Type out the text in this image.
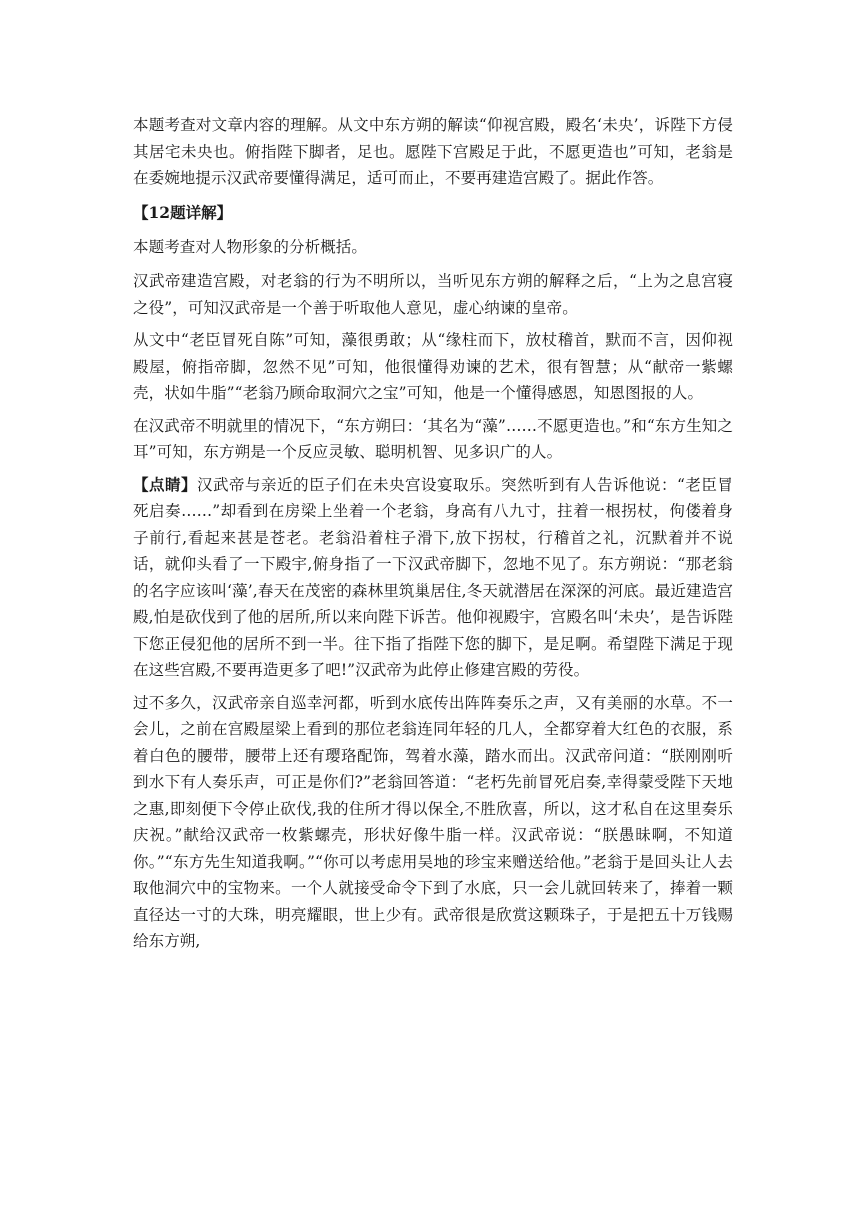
本题考查对文章内容的理解。从文中东方朔的解读“仰视宫殿，殿名‘未央’，诉陛下方侵其居宅未央也。俯指陛下脚者，足也。愿陛下宫殿足于此，不愿更造也”可知，老翁是在委婉地提示汉武帝要懂得满足，适可而止，不要再建造宫殿了。据此作答。

【12题详解】

本题考查对人物形象的分析概括。

汉武帝建造宫殿，对老翁的行为不明所以，当听见东方朔的解释之后，“上为之息宫寝之役”，可知汉武帝是一个善于听取他人意见，虚心纳谏的皇帝。

从文中“老臣冒死自陈”可知，藻很勇敢；从“缘柱而下，放杖稽首，默而不言，因仰视殿屋，俯指帝脚，忽然不见”可知，他很懂得劝谏的艺术，很有智慧；从“献帝一紫螺壳，状如牛脂”“老翁乃顾命取洞穴之宝”可知，他是一个懂得感恩，知恩图报的人。

在汉武帝不明就里的情况下，“东方朔曰：‘其名为“藻”……不愿更造也。”和“东方生知之耳”可知，东方朔是一个反应灵敏、聪明机智、见多识广的人。

【点睛】汉武帝与亲近的臣子们在未央宫设宴取乐。突然听到有人告诉他说：“老臣冒死启奏……”却看到在房梁上坐着一个老翁，身高有八九寸，拄着一根拐杖，佝偻着身子前行,看起来甚是苍老。老翁沿着柱子滑下,放下拐杖，行稽首之礼，沉默着并不说话，就仰头看了一下殿宇,俯身指了一下汉武帝脚下，忽地不见了。东方朔说：“那老翁的名字应该叫‘藻’,春天在茂密的森林里筑巢居住,冬天就潜居在深深的河底。最近建造宫殿,怕是砍伐到了他的居所,所以来向陛下诉苦。他仰视殿宇，宫殿名叫‘未央’，是告诉陛下您正侵犯他的居所不到一半。往下指了指陛下您的脚下，是足啊。希望陛下满足于现在这些宫殿,不要再造更多了吧!”汉武帝为此停止修建宫殿的劳役。

过不多久，汉武帝亲自巡幸河都，听到水底传出阵阵奏乐之声，又有美丽的水草。不一会儿，之前在宫殿屋梁上看到的那位老翁连同年轻的几人，全都穿着大红色的衣服，系着白色的腰带，腰带上还有璎珞配饰，驾着水藻，踏水而出。汉武帝问道：“朕刚刚听到水下有人奏乐声，可正是你们?”老翁回答道：“老朽先前冒死启奏,幸得蒙受陛下天地之惠,即刻便下令停止砍伐,我的住所才得以保全,不胜欣喜，所以，这才私自在这里奏乐庆祝。”献给汉武帝一枚紫螺壳，形状好像牛脂一样。汉武帝说：“朕愚昧啊，不知道你。”“东方先生知道我啊。”“你可以考虑用吴地的珍宝来赠送给他。”老翁于是回头让人去取他洞穴中的宝物来。一个人就接受命令下到了水底，只一会儿就回转来了，捧着一颗直径达一寸的大珠，明亮耀眼，世上少有。武帝很是欣赏这颗珠子，于是把五十万钱赐给东方朔,
